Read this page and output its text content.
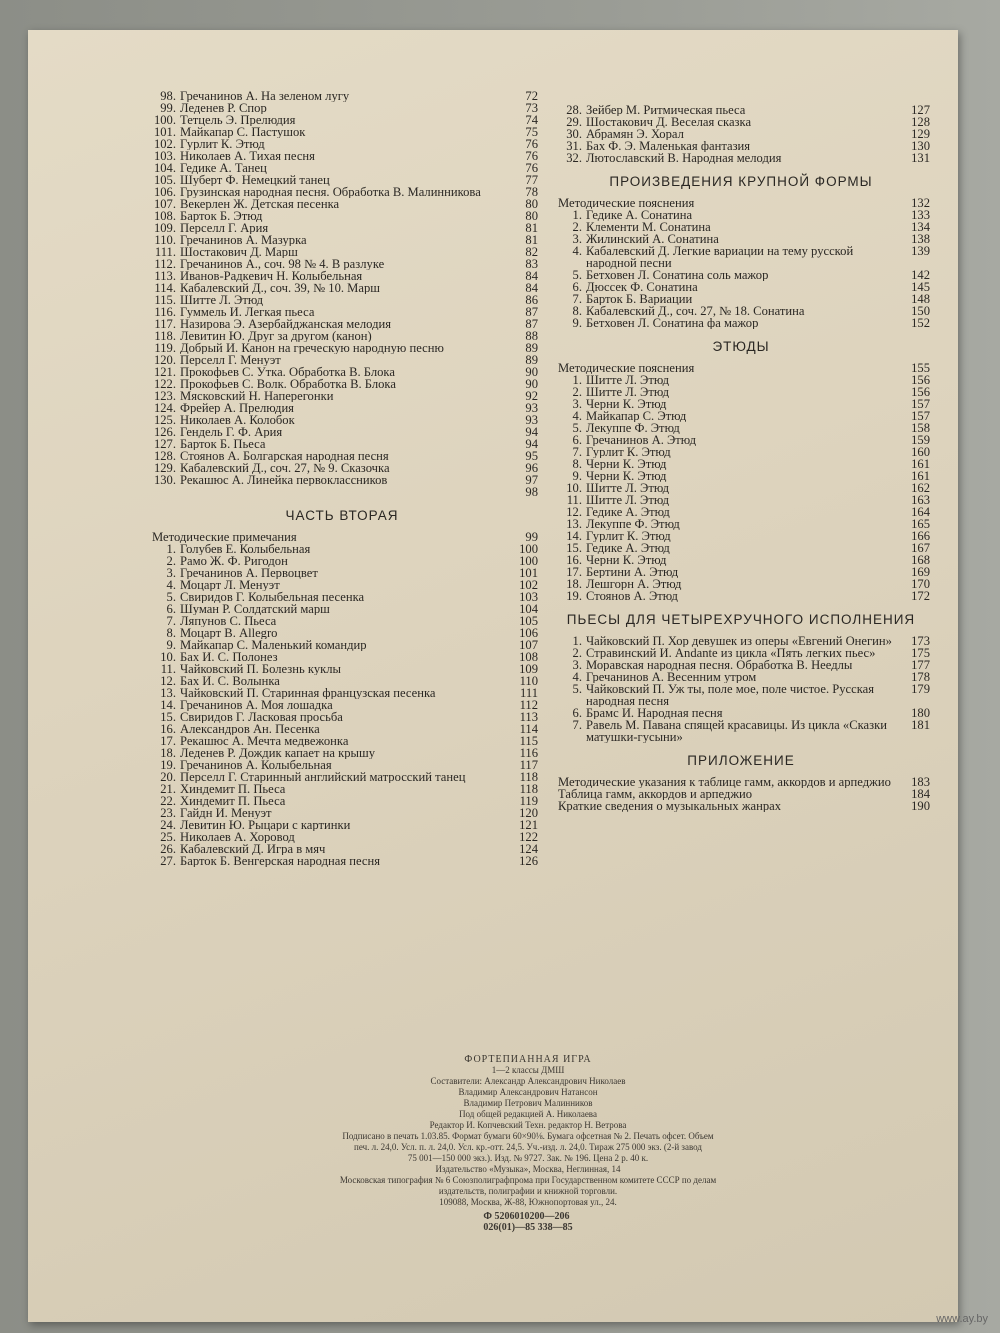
98. Гречанинов А. На зеленом лугу	72
99. Леденев Р. Спор	73
100. Тетцель Э. Прелюдия	74
101. Майкапар С. Пастушок	75
102. Гурлит К. Этюд	76
103. Николаев А. Тихая песня	76
104. Гедике А. Танец	76
105. Шуберт Ф. Немецкий танец	77
106. Грузинская народная песня. Обработка В. Малинникова	78
107. Векерлен Ж. Детская песенка	80
108. Барток Б. Этюд	80
109. Перселл Г. Ария	81
110. Гречанинов А. Мазурка	81
111. Шостакович Д. Марш	82
112. Гречанинов А., соч. 98 № 4. В разлуке	83
113. Иванов-Радкевич Н. Колыбельная	84
114. Кабалевский Д., соч. 39, № 10. Марш	84
115. Шитте Л. Этюд	86
116. Гуммель И. Легкая пьеса	87
117. Назирова Э. Азербайджанская мелодия	87
118. Левитин Ю. Друг за другом (канон)	88
119. Добрый И. Канон на греческую народную песню	89
120. Перселл Г. Менуэт	89
121. Прокофьев С. Утка. Обработка В. Блока	90
122. Прокофьев С. Волк. Обработка В. Блока	90
123. Мясковский Н. Наперегонки	92
124. Фрейер А. Прелюдия	93
125. Николаев А. Колобок	93
126. Гендель Г. Ф. Ария	94
127. Барток Б. Пьеса	94
128. Стоянов А. Болгарская народная песня	95
129. Кабалевский Д., соч. 27, № 9. Сказочка	96
130. Рекашюс А. Линейка первоклассников	97
98
ЧАСТЬ ВТОРАЯ
Методические примечания	99
1. Голубев Е. Колыбельная	100
2. Рамо Ж. Ф. Ригодон	100
3. Гречанинов А. Первоцвет	101
4. Моцарт Л. Менуэт	102
5. Свиридов Г. Колыбельная песенка	103
6. Шуман Р. Солдатский марш	104
7. Ляпунов С. Пьеса	105
8. Моцарт В. Allegro	106
9. Майкапар С. Маленький командир	107
10. Бах И. С. Полонез	108
11. Чайковский П. Болезнь куклы	109
12. Бах И. С. Волынка	110
13. Чайковский П. Старинная французская песенка	111
14. Гречанинов А. Моя лошадка	112
15. Свиридов Г. Ласковая просьба	113
16. Александров Ан. Песенка	114
17. Рекашюс А. Мечта медвежонка	115
18. Леденев Р. Дождик капает на крышу	116
19. Гречанинов А. Колыбельная	117
20. Перселл Г. Старинный английский матросский танец	118
21. Хиндемит П. Пьеса	118
22. Хиндемит П. Пьеса	119
23. Гайдн И. Менуэт	120
24. Левитин Ю. Рыцари с картинки	121
25. Николаев А. Хоровод	122
26. Кабалевский Д. Игра в мяч	124
27. Барток Б. Венгерская народная песня	126
28. Зейбер М. Ритмическая пьеса	127
29. Шостакович Д. Веселая сказка	128
30. Абрамян Э. Хорал	129
31. Бах Ф. Э. Маленькая фантазия	130
32. Лютославский В. Народная мелодия	131
ПРОИЗВЕДЕНИЯ КРУПНОЙ ФОРМЫ
Методические пояснения	132
1. Гедике А. Сонатина	133
2. Клементи М. Сонатина	134
3. Жилинский А. Сонатина	138
4. Кабалевский Д. Легкие вариации на тему русской народной песни
139
5. Бетховен Л. Сонатина соль мажор	142
6. Дюссек Ф. Сонатина	145
7. Барток Б. Вариации	148
8. Кабалевский Д., соч. 27, № 18. Сонатина	150
9. Бетховен Л. Сонатина фа мажор	152
ЭТЮДЫ
Методические пояснения	155
1. Шитте Л. Этюд	156
2. Шитте Л. Этюд	156
3. Черни К. Этюд	157
4. Майкапар С. Этюд	157
5. Лекуппе Ф. Этюд	158
6. Гречанинов А. Этюд	159
7. Гурлит К. Этюд	160
8. Черни К. Этюд	161
9. Черни К. Этюд	161
10. Шитте Л. Этюд	162
11. Шитте Л. Этюд	163
12. Гедике А. Этюд	164
13. Лекуппе Ф. Этюд	165
14. Гурлит К. Этюд	166
15. Гедике А. Этюд	167
16. Черни К. Этюд	168
17. Бертини А. Этюд	169
18. Лешгорн А. Этюд	170
19. Стоянов А. Этюд	172
ПЬЕСЫ ДЛЯ ЧЕТЫРЕХРУЧНОГО ИСПОЛНЕНИЯ
1. Чайковский П. Хор девушек из оперы «Евгений Онегин»	173
2. Стравинский И. Andante из цикла «Пять легких пьес»	175
3. Моравская народная песня. Обработка В. Неедлы	177
4. Гречанинов А. Весенним утром	178
5. Чайковский П. Уж ты, поле мое, поле чистое. Русская народная песня
179
6. Брамс И. Народная песня	180
7. Равель М. Павана спящей красавицы. Из цикла «Сказки матушки-гусыни»
181
ПРИЛОЖЕНИЕ
Методические указания к таблице гамм, аккордов и арпеджио	183
Таблица гамм, аккордов и арпеджио	184
Краткие сведения о музыкальных жанрах	190
ФОРТЕПИАННАЯ ИГРА
1—2 классы ДМШ
Составители: Александр Александрович Николаев
Владимир Александрович Натансон
Владимир Петрович Малинников
Под общей редакцией А. Николаева
Редактор И. Копчевский Техн. редактор Н. Ветрова
Подписано в печать 1.03.85. Формат бумаги 60×90⅛. Бумага офсетная № 2. Печать офсет. Объем
печ. л. 24,0. Усл. п. л. 24,0. Усл. кр.-отт. 24,5. Уч.-изд. л. 24,0. Тираж 275 000 экз. (2-й завод
75 001—150 000 экз.). Изд. № 9727. Зак. № 196. Цена 2 р. 40 к.
Издательство «Музыка», Москва, Неглинная, 14
Московская типография № 6 Союзполиграфпрома при Государственном комитете СССР по делам
издательств, полиграфии и книжной торговли.
109088, Москва, Ж-88, Южнопортовая ул., 24.
Ф 5206010200—206
026(01)—85 338—85
www.ay.by
